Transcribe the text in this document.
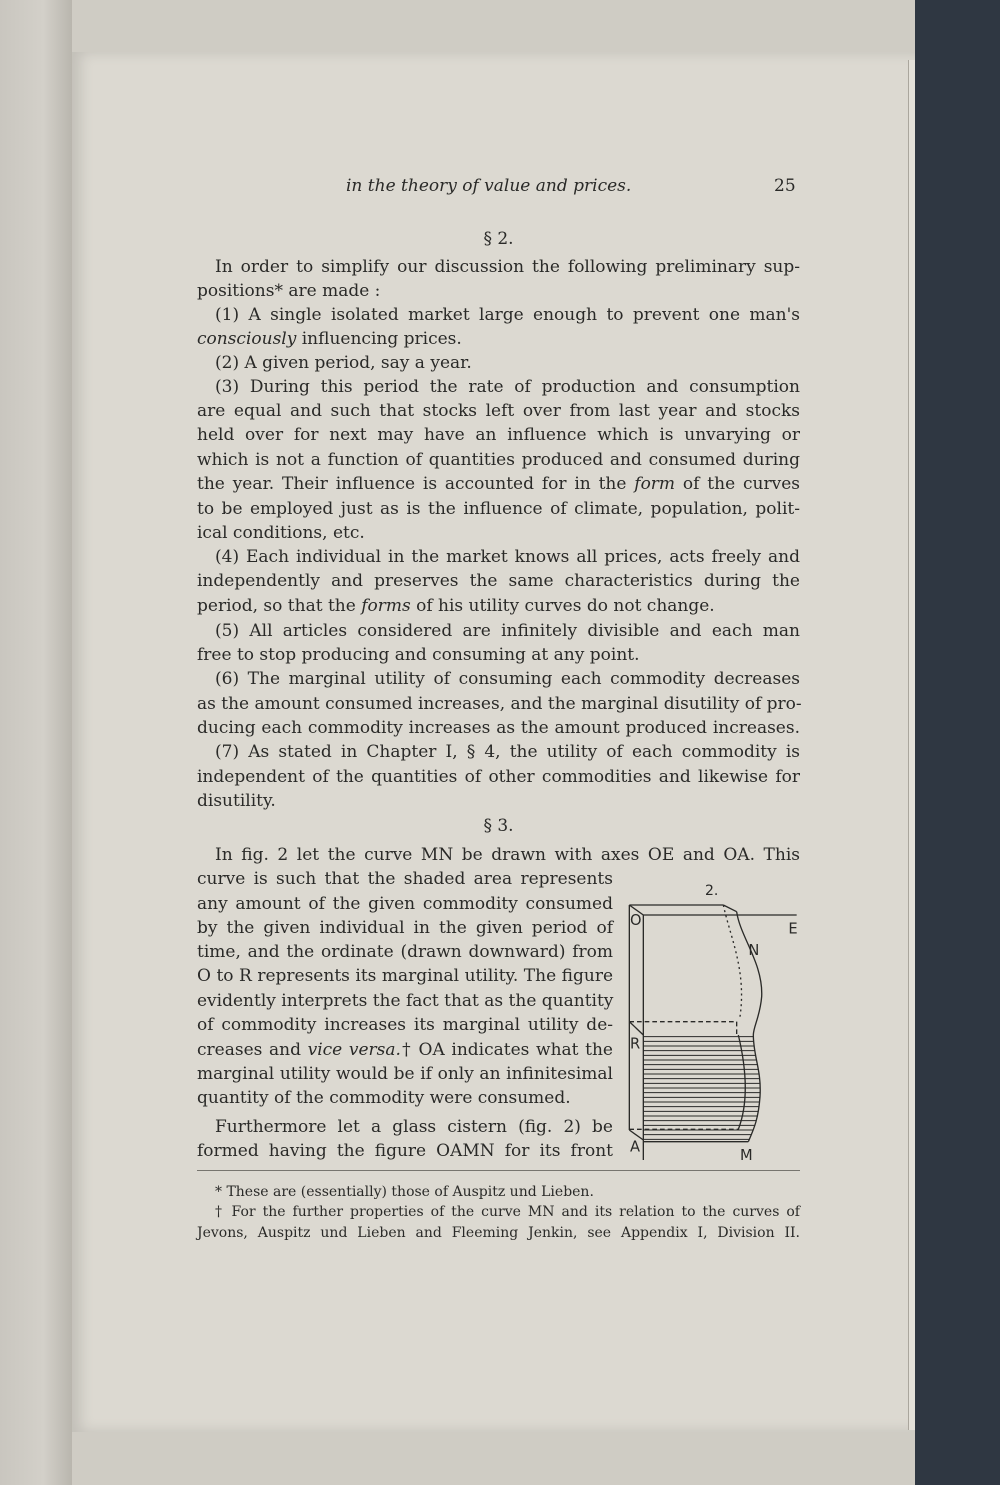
in the theory of value and prices.	25
§ 2.
In order to simplify our discussion the following preliminary sup-
positions* are made :
(1) A single isolated market large enough to prevent one man's
consciously influencing prices.
(2) A given period, say a year.
(3) During this period the rate of production and consumption
are equal and such that stocks left over from last year and stocks
held over for next may have an influence which is unvarying or
which is not a function of quantities produced and consumed during
the year. Their influence is accounted for in the form of the curves
to be employed just as is the influence of climate, population, polit-
ical conditions, etc.
(4) Each individual in the market knows all prices, acts freely and
independently and preserves the same characteristics during the
period, so that the forms of his utility curves do not change.
(5) All articles considered are infinitely divisible and each man
free to stop producing and consuming at any point.
(6) The marginal utility of consuming each commodity decreases
as the amount consumed increases, and the marginal disutility of pro-
ducing each commodity increases as the amount produced increases.
(7) As stated in Chapter I, § 4, the utility of each commodity is
independent of the quantities of other commodities and likewise for
disutility.
§ 3.
In fig. 2 let the curve MN be drawn with axes OE and OA. This
curve is such that the shaded area represents
any amount of the given commodity consumed
by the given individual in the given period of
time, and the ordinate (drawn downward) from
O to R represents its marginal utility. The figure
evidently interprets the fact that as the quantity
of commodity increases its marginal utility de-
creases and vice versa.† OA indicates what the
marginal utility would be if only an infinitesimal
quantity of the commodity were consumed.
Furthermore let a glass cistern (fig. 2) be
formed having the figure OAMN for its front
* These are (essentially) those of Auspitz und Lieben.
† For the further properties of the curve MN and its relation to the curves of
Jevons, Auspitz und Lieben and Fleeming Jenkin, see Appendix I, Division II.
2.
O	E
N
R
A M
